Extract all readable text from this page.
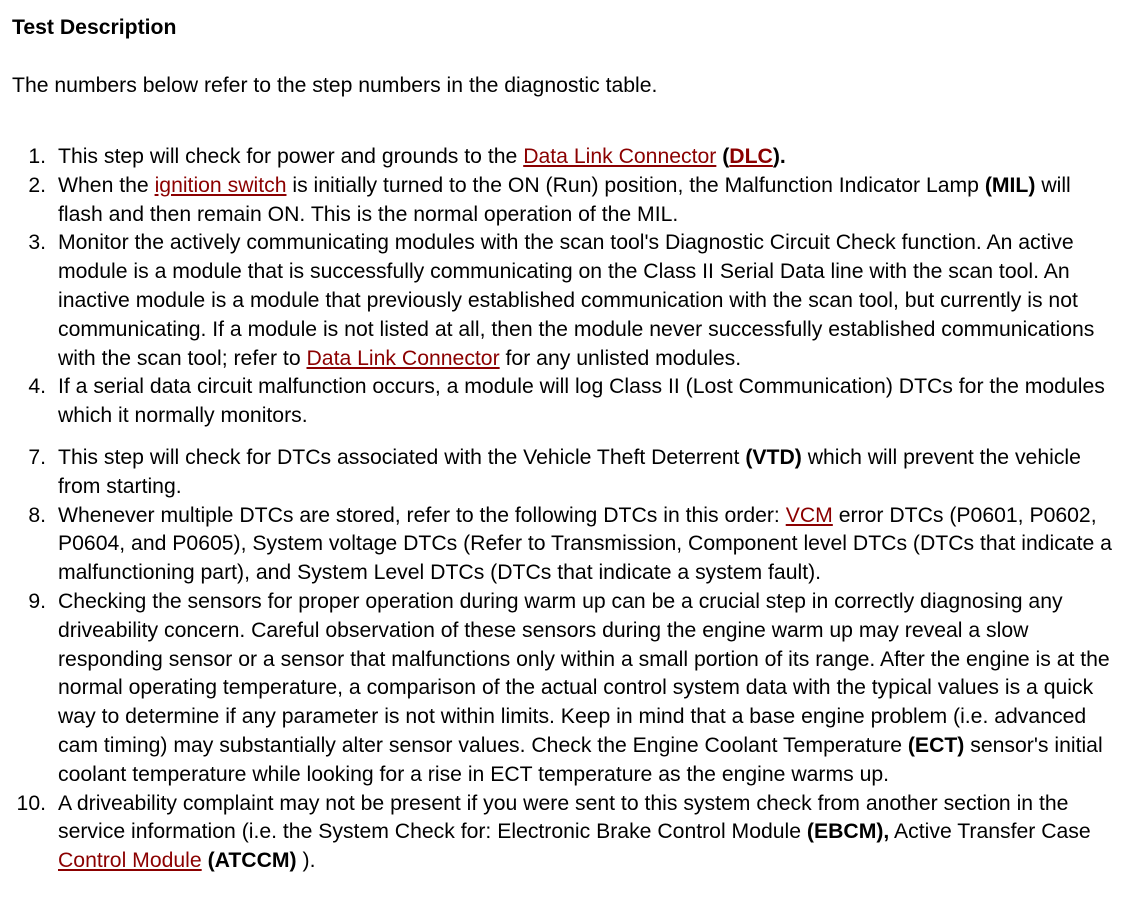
Test Description

The numbers below refer to the step numbers in the diagnostic table.

1. This step will check for power and grounds to the Data Link Connector (DLC).
2. When the ignition switch is initially turned to the ON (Run) position, the Malfunction Indicator Lamp (MIL) will flash and then remain ON. This is the normal operation of the MIL.
3. Monitor the actively communicating modules with the scan tool's Diagnostic Circuit Check function. An active module is a module that is successfully communicating on the Class II Serial Data line with the scan tool. An inactive module is a module that previously established communication with the scan tool, but currently is not communicating. If a module is not listed at all, then the module never successfully established communications with the scan tool; refer to Data Link Connector for any unlisted modules.
4. If a serial data circuit malfunction occurs, a module will log Class II (Lost Communication) DTCs for the modules which it normally monitors.
7. This step will check for DTCs associated with the Vehicle Theft Deterrent (VTD) which will prevent the vehicle from starting.
8. Whenever multiple DTCs are stored, refer to the following DTCs in this order: VCM error DTCs (P0601, P0602, P0604, and P0605), System voltage DTCs (Refer to Transmission, Component level DTCs (DTCs that indicate a malfunctioning part), and System Level DTCs (DTCs that indicate a system fault).
9. Checking the sensors for proper operation during warm up can be a crucial step in correctly diagnosing any driveability concern. Careful observation of these sensors during the engine warm up may reveal a slow responding sensor or a sensor that malfunctions only within a small portion of its range. After the engine is at the normal operating temperature, a comparison of the actual control system data with the typical values is a quick way to determine if any parameter is not within limits. Keep in mind that a base engine problem (i.e. advanced cam timing) may substantially alter sensor values. Check the Engine Coolant Temperature (ECT) sensor's initial coolant temperature while looking for a rise in ECT temperature as the engine warms up.
10. A driveability complaint may not be present if you were sent to this system check from another section in the service information (i.e. the System Check for: Electronic Brake Control Module (EBCM), Active Transfer Case Control Module (ATCCM) ).
